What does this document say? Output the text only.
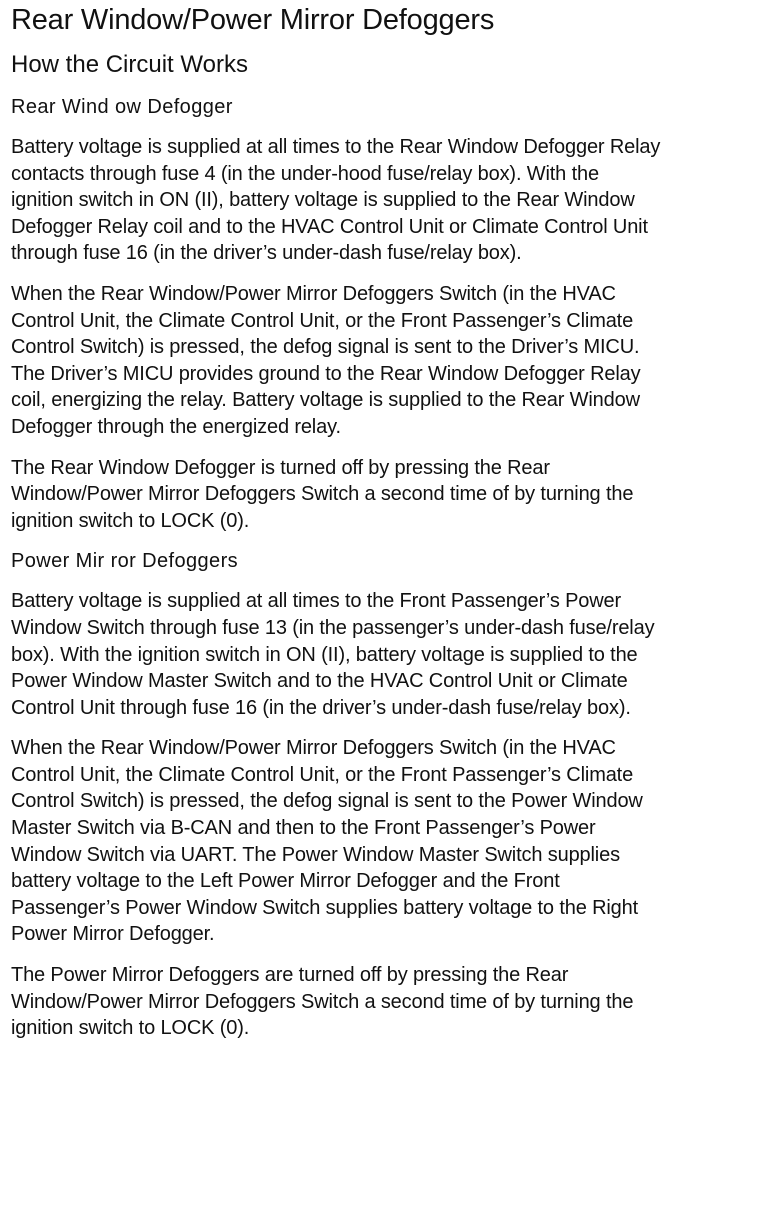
Rear Window/Power Mirror Defoggers
How the Circuit Works
Rear Wind ow Defogger

Battery voltage is supplied at all times to the Rear Window Defogger Relay
contacts through fuse 4 (in the under-hood fuse/relay box). With the
ignition switch in ON (II), battery voltage is supplied to the Rear Window
Defogger Relay coil and to the HVAC Control Unit or Climate Control Unit
through fuse 16 (in the driver’s under-dash fuse/relay box).

When the Rear Window/Power Mirror Defoggers Switch (in the HVAC
Control Unit, the Climate Control Unit, or the Front Passenger’s Climate
Control Switch) is pressed, the defog signal is sent to the Driver’s MICU.
The Driver’s MICU provides ground to the Rear Window Defogger Relay
coil, energizing the relay. Battery voltage is supplied to the Rear Window
Defogger through the energized relay.

The Rear Window Defogger is turned off by pressing the Rear
Window/Power Mirror Defoggers Switch a second time of by turning the
ignition switch to LOCK (0).

Power Mir ror Defoggers

Battery voltage is supplied at all times to the Front Passenger’s Power
Window Switch through fuse 13 (in the passenger’s under-dash fuse/relay
box). With the ignition switch in ON (II), battery voltage is supplied to the
Power Window Master Switch and to the HVAC Control Unit or Climate
Control Unit through fuse 16 (in the driver’s under-dash fuse/relay box).

When the Rear Window/Power Mirror Defoggers Switch (in the HVAC
Control Unit, the Climate Control Unit, or the Front Passenger’s Climate
Control Switch) is pressed, the defog signal is sent to the Power Window
Master Switch via B-CAN and then to the Front Passenger’s Power
Window Switch via UART. The Power Window Master Switch supplies
battery voltage to the Left Power Mirror Defogger and the Front
Passenger’s Power Window Switch supplies battery voltage to the Right
Power Mirror Defogger.

The Power Mirror Defoggers are turned off by pressing the Rear
Window/Power Mirror Defoggers Switch a second time of by turning the
ignition switch to LOCK (0).
